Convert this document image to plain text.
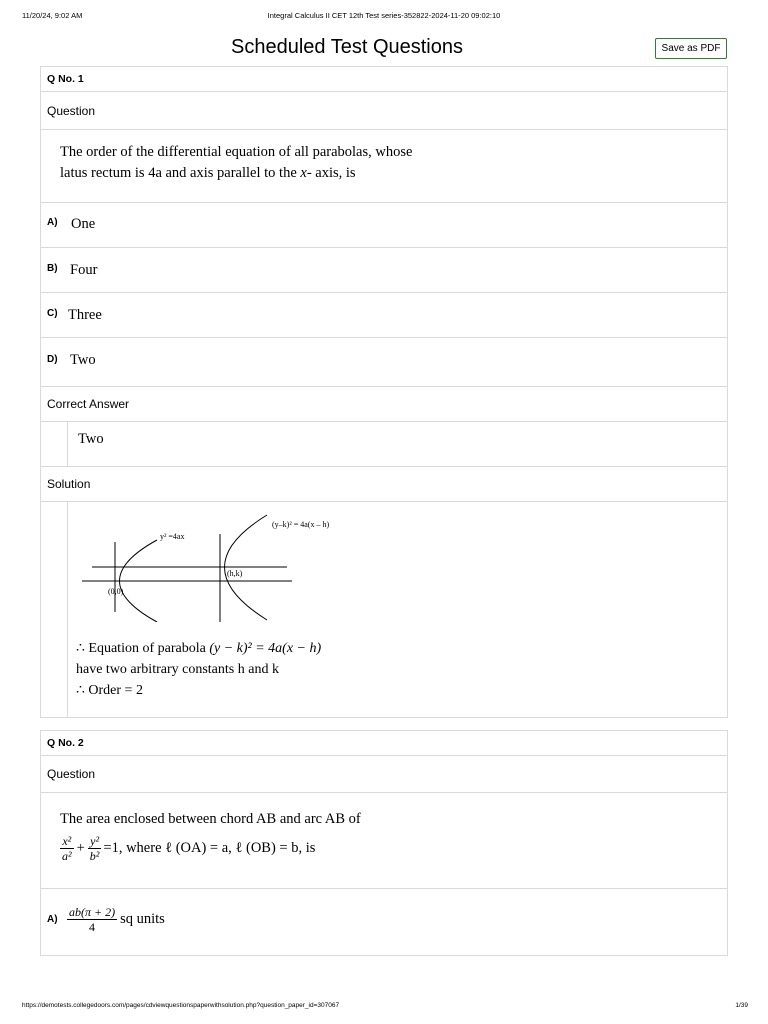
11/20/24, 9:02 AM	Integral Calculus II CET 12th Test series-352822-2024-11-20 09:02:10
Scheduled Test Questions	Save as PDF
Q No. 1
Question
The order of the differential equation of all parabolas, whose
latus rectum is 4a and axis parallel to the x- axis, is
A) One
B) Four
C) Three
D) Two
Correct Answer
Two
Solution
y² =4ax
(y–k)² = 4a(x – h)
(0,0)
(h,k)
∴ Equation of parabola (y − k)² = 4a(x − h)
have two arbitrary constants h and k
∴ Order = 2
Q No. 2
Question
The area enclosed between chord AB and arc AB of
$\frac{\text{x²}}{\text{a²}} + \frac{\text{y²}}{\text{b²}} =1$, where ℓ (OA) = a, ℓ (OB) = b, is
$A) \frac{ab(\pi + 2)}{4}$ sq units
https://demotests.collegedoors.com/pages/cdviewquestionspaperwithsolution.php?question_paper_id=307067	1/39
